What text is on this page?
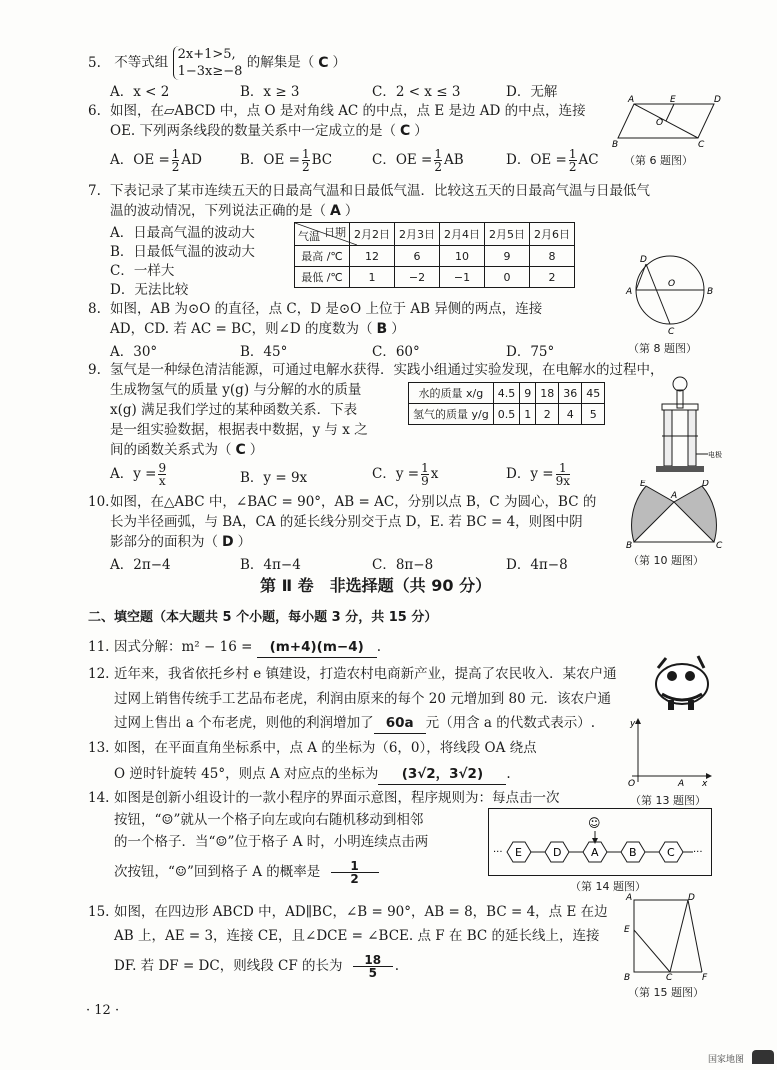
5. 不等式组 2x+1>5,
1−3x≥−8
的解集是（ C ）
A．x < 2	B．x ≥ 3	C．2 < x ≤ 3	D．无解
6. 如图，在▱ABCD 中，点 O 是对角线 AC 的中点，点 E 是边 AD 的中点，连接
OE. 下列两条线段的数量关系中一定成立的是（ C ）
A．OE = $\frac{1}{2}$ AD	B．OE = $\frac{1}{2}$ BC	C．OE = $\frac{1}{2}$ AB	D．OE = $\frac{1}{2}$ AC （第 6 题图）
A	E	D
O
B	C
7. 下表记录了某市连续五天的日最高气温和日最低气温．比较这五天的日最高气温与日最低气
温的波动情况，下列说法正确的是（ A ）
A．日最高气温的波动大
B．日最低气温的波动大
C．一样大
D．无法比较
日期
气温	2月2日	2月3日	2月4日	2月5日	2月6日
最高 /℃	12	6	10	9	8
最低 /℃	1	−2	−1	0	2
D
O
A	B
C
8. 如图，AB 为⊙O 的直径，点 C，D 是⊙O 上位于 AB 异侧的两点，连接
AD，CD. 若 AC = BC，则∠D 的度数为（ B ）
A．30°	B．45°	C．60°	D．75°	（第 8 题图）
9. 氢气是一种绿色清洁能源，可通过电解水获得．实践小组通过实验发现，在电解水的过程中，
生成物氢气的质量 y(g) 与分解的水的质量
x(g) 满足我们学过的某种函数关系．下表
是一组实验数据，根据表中数据，y 与 x 之
间的函数关系式为（ C ）
水的质量 x/g	4.5	9	18	36	45
氢气的质量 y/g	0.5	1	2	4	5
A．$y = \frac{9}{x}$	B．y = 9x	C．$y = \frac{1}{9}$ x	D．$y = \frac{1}{9x}$
电极
10.如图，在△ABC 中，∠BAC = 90°，AB = AC，分别以点 B，C 为圆心，BC 的
长为半径画弧，与 BA，CA 的延长线分别交于点 D，E. 若 BC = 4，则图中阴
影部分的面积为（ D ）
A．2π−4	B．4π−4	C．8π−8	D．4π−8
E	D
A
B	C
（第 10 题图）
第 Ⅱ 卷　非选择题（共 90 分）
二、填空题（本大题共 5 个小题，每小题 3 分，共 15 分）
11. 因式分解：m² − 16 = (m+4)(m−4) .
12. 近年来，我省依托乡村 e 镇建设，打造农村电商新产业，提高了农民收入．某农户通
过网上销售传统手工艺品布老虎，利润由原来的每个 20 元增加到 80 元．该农户通
过网上售出 a 个布老虎，则他的利润增加了 60a 元（用含 a 的代数式表示）.
13. 如图，在平面直角坐标系中，点 A 的坐标为（6，0），将线段 OA 绕点
O 逆时针旋转 45°，则点 A 对应点的坐标为 (3√2，3√2) .
y
O	A x
（第 13 题图）
14. 如图是创新小组设计的一款小程序的界面示意图，程序规则为：每点击一次
按钮，“☺”就从一个格子向左或向右随机移动到相邻
的一个格子．当“☺”位于格子 A 时，小明连续点击两
次按钮，“☺”回到格子 A 的概率是 $\frac{1}{2}$
···	···
E	D	A	B	C
☺
（第 14 题图）
15. 如图，在四边形 ABCD 中，AD∥BC，∠B = 90°，AB = 8，BC = 4，点 E 在边
AB 上，AE = 3，连接 CE，且∠DCE = ∠BCE. 点 F 在 BC 的延长线上，连接
DF. 若 DF = DC，则线段 CF 的长为 $\frac{18}{5}$ .
A	D
E
B	C	F
（第 15 题图）
· 12 ·
国家地图
